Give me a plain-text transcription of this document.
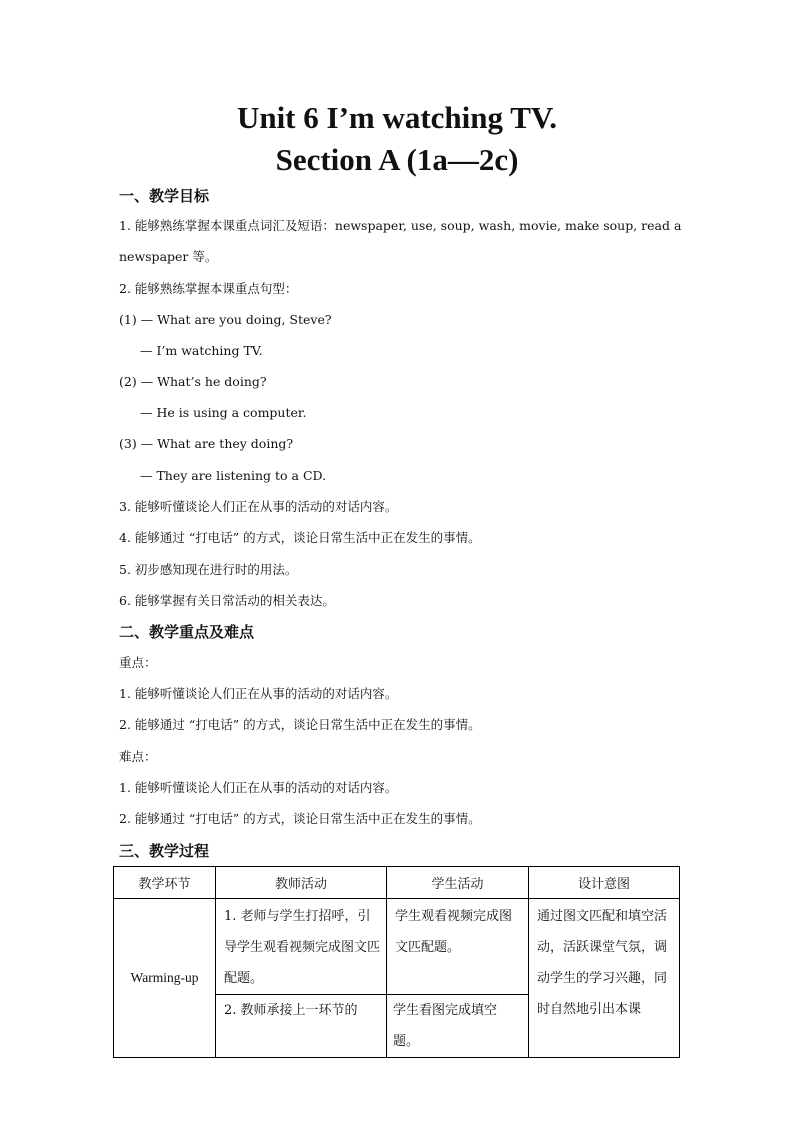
Unit 6 I’m watching TV.
Section A (1a—2c)
一、教学目标
1. 能够熟练掌握本课重点词汇及短语：newspaper, use, soup, wash, movie, make soup, read a
newspaper 等。
2. 能够熟练掌握本课重点句型：
(1) — What are you doing, Steve?
— I’m watching TV.
(2) — What’s he doing?
— He is using a computer.
(3) — What are they doing?
— They are listening to a CD.
3. 能够听懂谈论人们正在从事的活动的对话内容。
4. 能够通过 “打电话” 的方式，谈论日常生活中正在发生的事情。
5. 初步感知现在进行时的用法。
6. 能够掌握有关日常活动的相关表达。
二、教学重点及难点
重点：
1. 能够听懂谈论人们正在从事的活动的对话内容。
2. 能够通过 “打电话” 的方式，谈论日常生活中正在发生的事情。
难点：
1. 能够听懂谈论人们正在从事的活动的对话内容。
2. 能够通过 “打电话” 的方式，谈论日常生活中正在发生的事情。
三、教学过程
教学环节	教师活动	学生活动	设计意图
Warming-up	1. 老师与学生打招呼，引导学生观看视频完成图文匹配题。	学生观看视频完成图文匹配题。	通过图文匹配和填空活动，活跃课堂气氛，调动学生的学习兴趣，同时自然地引出本课

	2. 教师承接上一环节的	学生看图完成填空题。	
